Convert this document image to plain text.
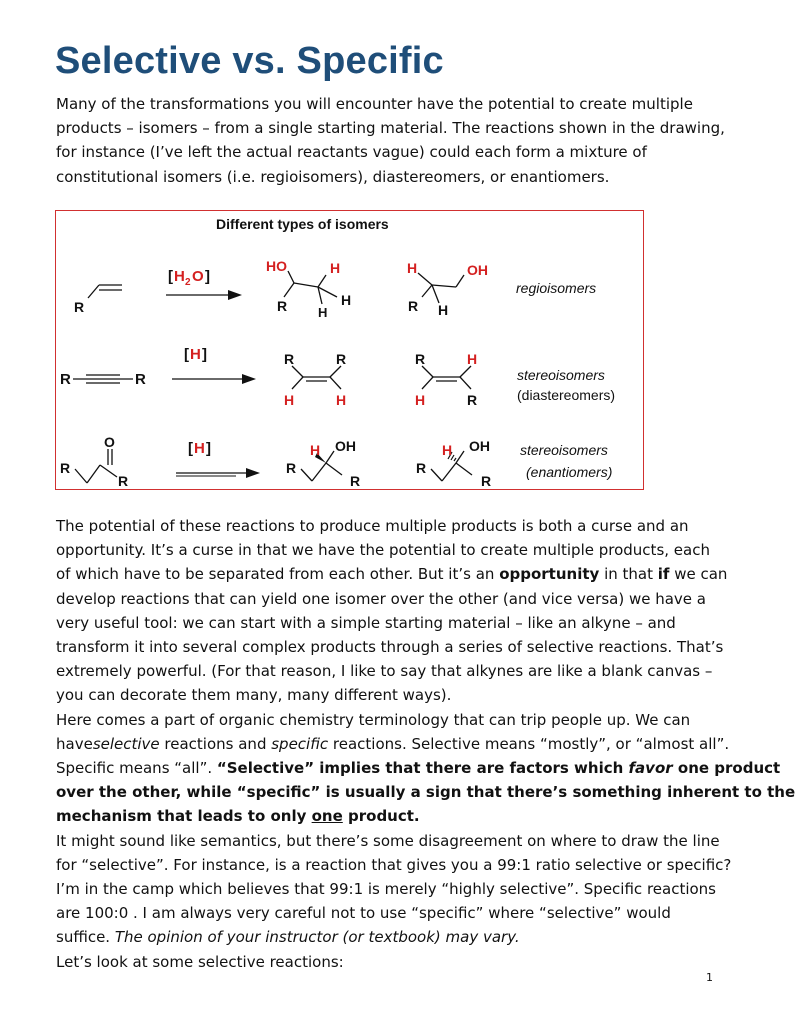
Selective vs. Specific
Many of the transformations you will encounter have the potential to create multiple
products – isomers – from a single starting material. The reactions shown in the drawing,
for instance (I’ve left the actual reactants vague) could each form a mixture of
constitutional isomers (i.e. regioisomers), diastereomers, or enantiomers.
Different types of isomers
R
[ H 2 O ]
HO	H
R	H
H
H	OH
R H
regioisomers
R	R
[ H ]	R	R
H	H
R	H
H	R
stereoisomers
(diastereomers)
O
R
R
[ H ]	H OH
R
R
H OH
R
R
stereoisomers
(enantiomers)
The potential of these reactions to produce multiple products is both a curse and an
opportunity. It’s a curse in that we have the potential to create multiple products, each
of which have to be separated from each other. But it’s an opportunity in that if we can
develop reactions that can yield one isomer over the other (and vice versa) we have a
very useful tool: we can start with a simple starting material – like an alkyne – and
transform it into several complex products through a series of selective reactions. That’s
extremely powerful. (For that reason, I like to say that alkynes are like a blank canvas –
you can decorate them many, many different ways).
Here comes a part of organic chemistry terminology that can trip people up. We can
haveselective reactions and specific reactions. Selective means “mostly”, or “almost all”.
Specific means “all”. “Selective” implies that there are factors which favor one product
over the other, while “specific” is usually a sign that there’s something inherent to the
mechanism that leads to only one product.
It might sound like semantics, but there’s some disagreement on where to draw the line
for “selective”. For instance, is a reaction that gives you a 99:1 ratio selective or specific?
I’m in the camp which believes that 99:1 is merely “highly selective”. Specific reactions
are 100:0 . I am always very careful not to use “specific” where “selective” would
suffice. The opinion of your instructor (or textbook) may vary.
Let’s look at some selective reactions:
1
